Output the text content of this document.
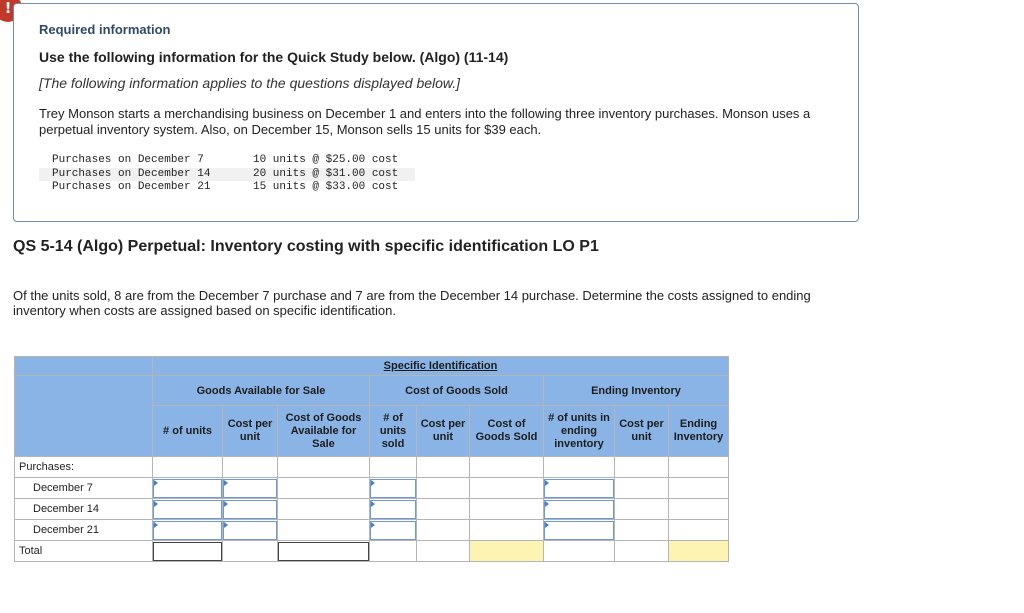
!
Required information
Use the following information for the Quick Study below. (Algo) (11-14)
[The following information applies to the questions displayed below.]
Trey Monson starts a merchandising business on December 1 and enters into the following three inventory purchases. Monson uses a perpetual inventory system. Also, on December 15, Monson sells 15 units for $39 each.
Purchases on December 7	10 units @ $25.00 cost
Purchases on December 14	20 units @ $31.00 cost
Purchases on December 21	15 units @ $33.00 cost
QS 5-14 (Algo) Perpetual: Inventory costing with specific identification LO P1
Of the units sold, 8 are from the December 7 purchase and 7 are from the December 14 purchase. Determine the costs assigned to ending inventory when costs are assigned based on specific identification.
	Specific Identification								
	Goods Available for Sale			Cost of Goods Sold			Ending Inventory		
	# of units	Cost per unit	Cost of Goods Available for Sale	# of units sold	Cost per unit	Cost of Goods Sold	# of units in ending inventory	Cost per unit	Ending Inventory
Purchases:									
December 7	

December 14	

December 21	

Total	
